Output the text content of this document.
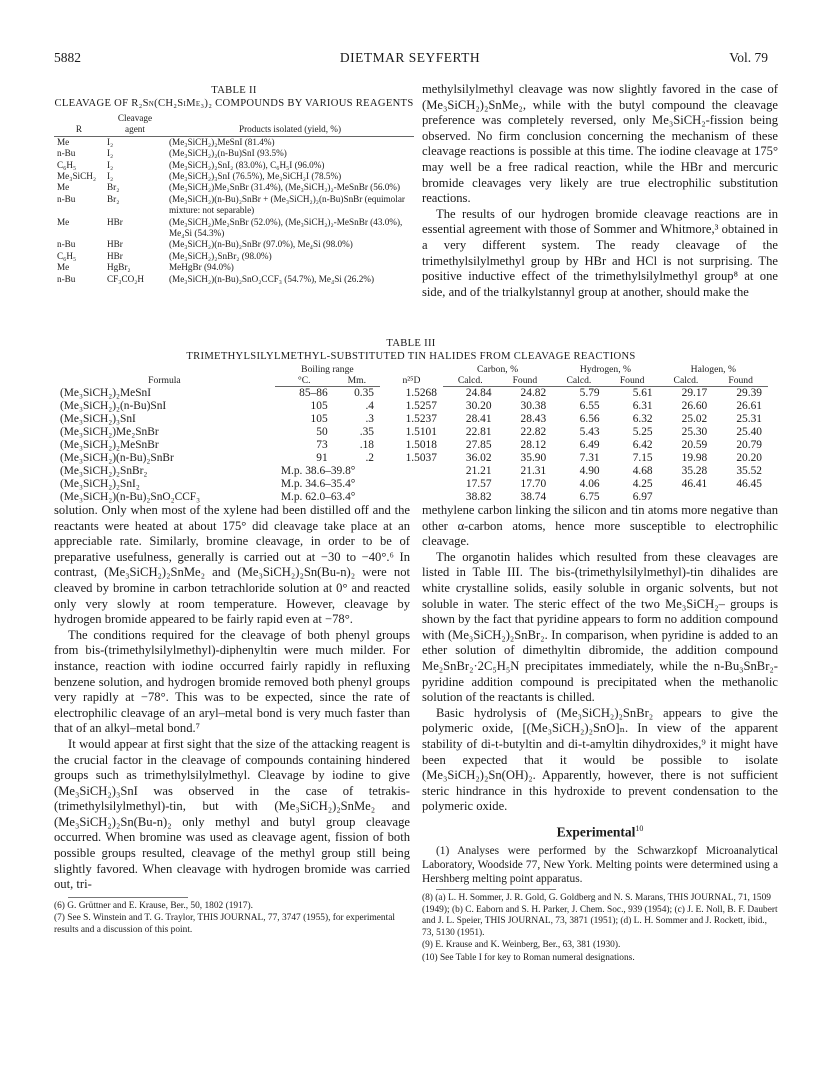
5882	DIETMAR SEYFERTH	Vol. 79
TABLE II
CLEAVAGE OF R₂Sn(CH₂SiMe₃)₂ COMPOUNDS BY VARIOUS REAGENTS
R	Cleavage agent	Products isolated (yield, %)
Me	I₂	(Me₃SiCH₂)₂MeSnI (81.4%)
n-Bu	I₂	(Me₃SiCH₂)₂(n-Bu)SnI (93.5%)
C₆H₅	I₂	(Me₃SiCH₂)₂SnI₂ (83.0%), C₆H₅I (96.0%)
Me₃SiCH₂	I₂	(Me₃SiCH₂)₃SnI (76.5%), Me₃SiCH₂I (78.5%)
Me	Br₂	(Me₃SiCH₂)Me₂SnBr (31.4%), (Me₃SiCH₂)₂-MeSnBr (56.0%)
n-Bu	Br₂	(Me₃SiCH₂)(n-Bu)₂SnBr + (Me₃SiCH₂)₂(n-Bu)SnBr (equimolar mixture: not separable)
Me	HBr	(Me₃SiCH₂)Me₂SnBr (52.0%), (Me₃SiCH₂)₂-MeSnBr (43.0%), Me₄Si (54.3%)
n-Bu	HBr	(Me₃SiCH₂)(n-Bu)₂SnBr (97.0%), Me₄Si (98.0%)
C₆H₅	HBr	(Me₃SiCH₂)₂SnBr₂ (98.0%)
Me	HgBr₂	MeHgBr (94.0%)
n-Bu	CF₃CO₂H	(Me₃SiCH₂)(n-Bu)₂SnO₂CCF₃ (54.7%), Me₄Si (26.2%)

methylsilylmethyl cleavage was now slightly favored in the case of (Me₃SiCH₂)₂SnMe₂, while with the butyl compound the cleavage preference was completely reversed, only Me₃SiCH₂-fission being observed. No firm conclusion concerning the mechanism of these cleavage reactions is possible at this time. The iodine cleavage at 175° may well be a free radical reaction, while the HBr and mercuric bromide cleavages very likely are true electrophilic substitution reactions.

The results of our hydrogen bromide cleavage reactions are in essential agreement with those of Sommer and Whitmore,³ obtained in a very different system. The ready cleavage of the trimethylsilylmethyl group by HBr and HCl is not surprising. The positive inductive effect of the trimethylsilylmethyl group⁸ at one side, and of the trialkylstannyl group at another, should make the

TABLE III
TRIMETHYLSILYLMETHYL-SUBSTITUTED TIN HALIDES FROM CLEAVAGE REACTIONS
Formula	Boiling range		n²⁵D	Carbon, %		Hydrogen, %		Halogen, %	
	°C.	Mm.		Calcd.	Found	Calcd.	Found	Calcd.	Found
(Me₃SiCH₂)₂MeSnI	85–86	0.35	1.5268	24.84	24.82	5.79	5.61	29.17	29.39
(Me₃SiCH₂)₂(n-Bu)SnI	105	.4	1.5257	30.20	30.38	6.55	6.31	26.60	26.61
(Me₃SiCH₂)₃SnI	105	.3	1.5237	28.41	28.43	6.56	6.32	25.02	25.31
(Me₃SiCH₂)Me₂SnBr	50	.35	1.5101	22.81	22.82	5.43	5.25	25.30	25.40
(Me₃SiCH₂)₂MeSnBr	73	.18	1.5018	27.85	28.12	6.49	6.42	20.59	20.79
(Me₃SiCH₂)(n-Bu)₂SnBr	91	.2	1.5037	36.02	35.90	7.31	7.15	19.98	20.20
(Me₃SiCH₂)₂SnBr₂	M.p. 38.6–39.8°			21.21	21.31	4.90	4.68	35.28	35.52
(Me₃SiCH₂)₂SnI₂	M.p. 34.6–35.4°			17.57	17.70	4.06	4.25	46.41	46.45
(Me₃SiCH₂)(n-Bu)₂SnO₂CCF₃	M.p. 62.0–63.4°			38.82	38.74	6.75	6.97		

solution. Only when most of the xylene had been distilled off and the reactants were heated at about 175° did cleavage take place at an appreciable rate. Similarly, bromine cleavage, in order to be of preparative usefulness, generally is carried out at −30 to −40°.⁶ In contrast, (Me₃SiCH₂)₂SnMe₂ and (Me₃SiCH₂)₂Sn(Bu-n)₂ were not cleaved by bromine in carbon tetrachloride solution at 0° and reacted only very slowly at room temperature. However, cleavage by hydrogen bromide appeared to be fairly rapid even at −78°.

The conditions required for the cleavage of both phenyl groups from bis-(trimethylsilylmethyl)-diphenyltin were much milder. For instance, reaction with iodine occurred fairly rapidly in refluxing benzene solution, and hydrogen bromide removed both phenyl groups very rapidly at −78°. This was to be expected, since the rate of electrophilic cleavage of an aryl–metal bond is very much faster than that of an alkyl–metal bond.⁷

It would appear at first sight that the size of the attacking reagent is the crucial factor in the cleavage of compounds containing hindered groups such as trimethylsilylmethyl. Cleavage by iodine to give (Me₃SiCH₂)₃SnI was observed in the case of tetrakis-(trimethylsilylmethyl)-tin, but with (Me₃SiCH₂)₂SnMe₂ and (Me₃SiCH₂)₂Sn(Bu-n)₂ only methyl and butyl group cleavage occurred. When bromine was used as cleavage agent, fission of both possible groups resulted, cleavage of the methyl group still being slightly favored. When cleavage with hydrogen bromide was carried out, tri-

(6) G. Grüttner and E. Krause, Ber., 50, 1802 (1917).
(7) See S. Winstein and T. G. Traylor, THIS JOURNAL, 77, 3747 (1955), for experimental results and a discussion of this point.

methylene carbon linking the silicon and tin atoms more negative than other α-carbon atoms, hence more susceptible to electrophilic cleavage.

The organotin halides which resulted from these cleavages are listed in Table III. The bis-(trimethylsilylmethyl)-tin dihalides are white crystalline solids, easily soluble in organic solvents, but not soluble in water. The steric effect of the two Me₃SiCH₂– groups is shown by the fact that pyridine appears to form no addition compound with (Me₃SiCH₂)₂SnBr₂. In comparison, when pyridine is added to an ether solution of dimethyltin dibromide, the addition compound Me₂SnBr₂·2C₅H₅N precipitates immediately, while the n-Bu₃SnBr₂-pyridine addition compound is precipitated when the methanolic solution of the reactants is chilled.

Basic hydrolysis of (Me₃SiCH₂)₂SnBr₂ appears to give the polymeric oxide, [(Me₃SiCH₂)₂SnO]ₙ. In view of the apparent stability of di-t-butyltin and di-t-amyltin dihydroxides,⁹ it might have been expected that it would be possible to isolate (Me₃SiCH₂)₂Sn(OH)₂. Apparently, however, there is not sufficient steric hindrance in this hydroxide to prevent condensation to the polymeric oxide.

Experimental$^{10}$

(1) Analyses were performed by the Schwarzkopf Microanalytical Laboratory, Woodside 77, New York. Melting points were determined using a Hershberg melting point apparatus.

(8) (a) L. H. Sommer, J. R. Gold, G. Goldberg and N. S. Marans, THIS JOURNAL, 71, 1509 (1949); (b) C. Eaborn and S. H. Parker, J. Chem. Soc., 939 (1954); (c) J. E. Noll, B. F. Daubert and J. L. Speier, THIS JOURNAL, 73, 3871 (1951); (d) L. H. Sommer and J. Rockett, ibid., 73, 5130 (1951).
(9) E. Krause and K. Weinberg, Ber., 63, 381 (1930).
(10) See Table I for key to Roman numeral designations.
